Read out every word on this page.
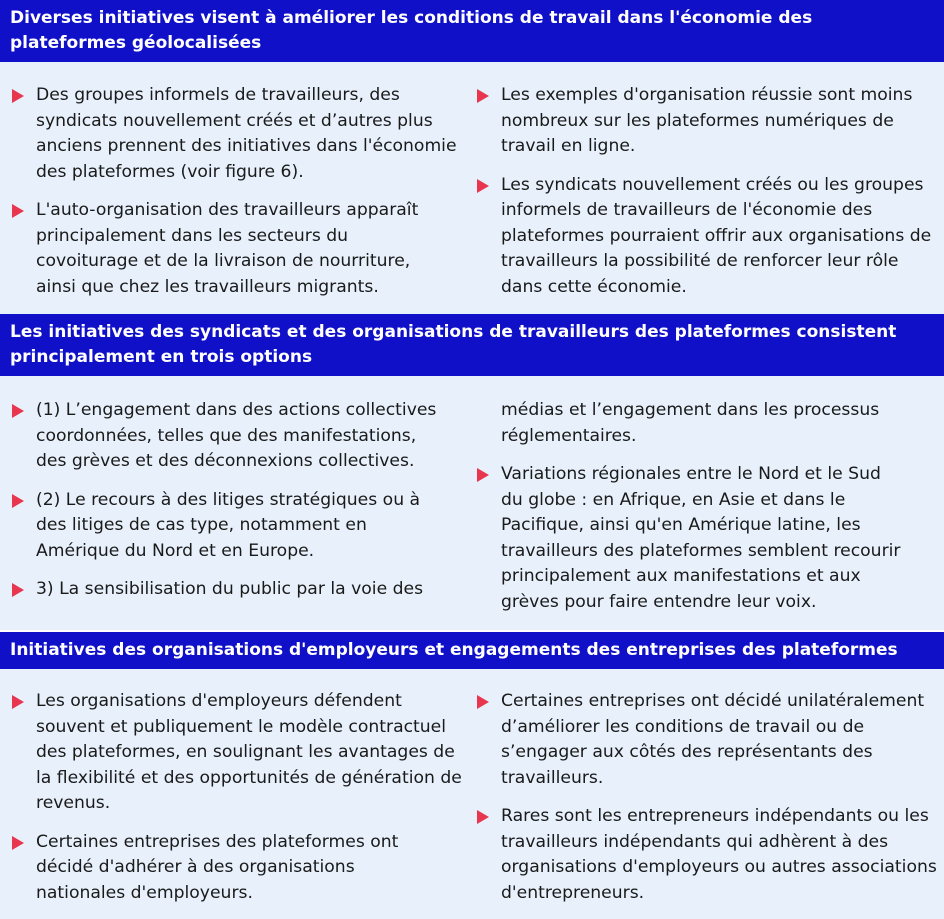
Diverses initiatives visent à améliorer les conditions de travail dans l'économie des plateformes géolocalisées
Des groupes informels de travailleurs, des syndicats nouvellement créés et d’autres plus anciens prennent des initiatives dans l'économie des plateformes (voir figure 6).
L'auto-organisation des travailleurs apparaît principalement dans les secteurs du covoiturage et de la livraison de nourriture, ainsi que chez les travailleurs migrants.
Les exemples d'organisation réussie sont moins nombreux sur les plateformes numériques de travail en ligne.
Les syndicats nouvellement créés ou les groupes informels de travailleurs de l'économie des plateformes pourraient offrir aux organisations de travailleurs la possibilité de renforcer leur rôle dans cette économie.
Les initiatives des syndicats et des organisations de travailleurs des plateformes consistent principalement en trois options
(1) L’engagement dans des actions collectives coordonnées, telles que des manifestations, des grèves et des déconnexions collectives.
(2) Le recours à des litiges stratégiques ou à des litiges de cas type, notamment en Amérique du Nord et en Europe.
3) La sensibilisation du public par la voie des
médias et l’engagement dans les processus réglementaires.
Variations régionales entre le Nord et le Sud du globe : en Afrique, en Asie et dans le Pacifique, ainsi qu'en Amérique latine, les travailleurs des plateformes semblent recourir principalement aux manifestations et aux grèves pour faire entendre leur voix.
Initiatives des organisations d'employeurs et engagements des entreprises des plateformes
Les organisations d'employeurs défendent souvent et publiquement le modèle contractuel des plateformes, en soulignant les avantages de la flexibilité et des opportunités de génération de revenus.
Certaines entreprises des plateformes ont décidé d'adhérer à des organisations nationales d'employeurs.
Certaines entreprises ont décidé unilatéralement d’améliorer les conditions de travail ou de s’engager aux côtés des représentants des travailleurs.
Rares sont les entrepreneurs indépendants ou les travailleurs indépendants qui adhèrent à des organisations d'employeurs ou autres associations d'entrepreneurs.
